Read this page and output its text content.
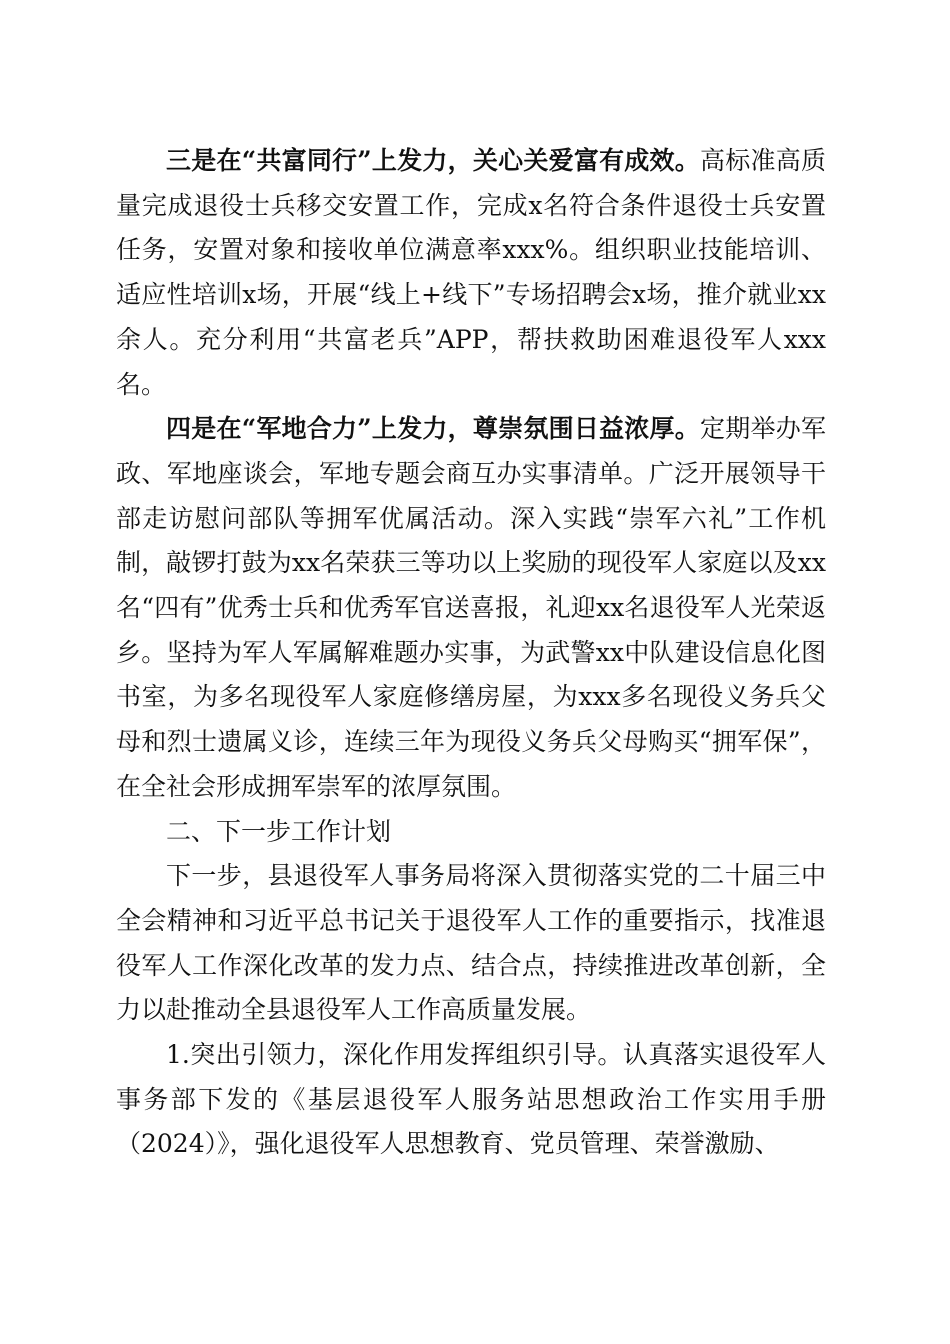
三是在“共富同行”上发力，关心关爱富有成效。高标准高质量完成退役士兵移交安置工作，完成x名符合条件退役士兵安置任务，安置对象和接收单位满意率xxx%。组织职业技能培训、适应性培训x场，开展“线上+线下”专场招聘会x场，推介就业xx余人。充分利用“共富老兵”APP，帮扶救助困难退役军人xxx名。

四是在“军地合力”上发力，尊崇氛围日益浓厚。定期举办军政、军地座谈会，军地专题会商互办实事清单。广泛开展领导干部走访慰问部队等拥军优属活动。深入实践“崇军六礼”工作机制，敲锣打鼓为xx名荣获三等功以上奖励的现役军人家庭以及xx名“四有”优秀士兵和优秀军官送喜报，礼迎xx名退役军人光荣返乡。坚持为军人军属解难题办实事，为武警xx中队建设信息化图书室，为多名现役军人家庭修缮房屋，为xxx多名现役义务兵父母和烈士遗属义诊，连续三年为现役义务兵父母购买“拥军保”，在全社会形成拥军崇军的浓厚氛围。

二、下一步工作计划

下一步，县退役军人事务局将深入贯彻落实党的二十届三中全会精神和习近平总书记关于退役军人工作的重要指示，找准退役军人工作深化改革的发力点、结合点，持续推进改革创新，全力以赴推动全县退役军人工作高质量发展。

1.突出引领力，深化作用发挥组织引导。认真落实退役军人事务部下发的《基层退役军人服务站思想政治工作实用手册（2024）》，强化退役军人思想教育、党员管理、荣誉激励、
